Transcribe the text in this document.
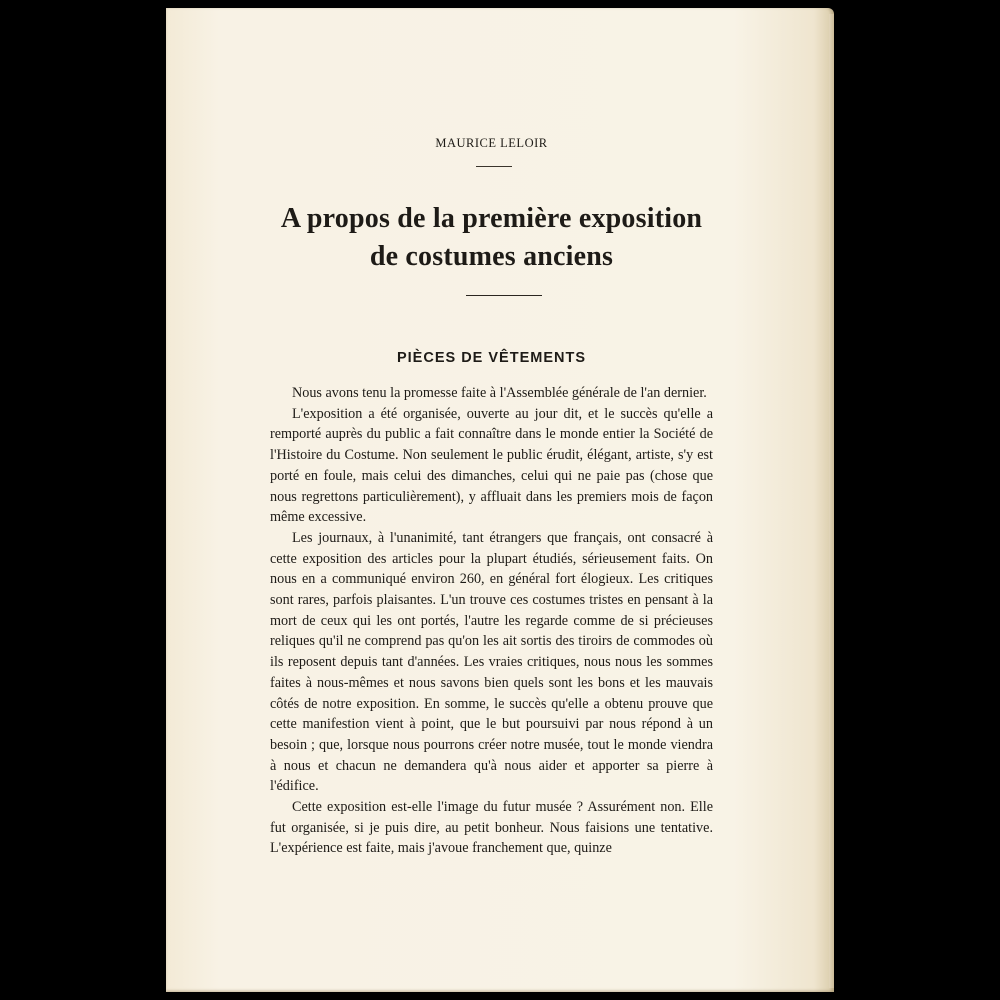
MAURICE LELOIR
A propos de la première exposition
de costumes anciens
PIÈCES DE VÊTEMENTS

Nous avons tenu la promesse faite à l'Assemblée générale de l'an dernier.

L'exposition a été organisée, ouverte au jour dit, et le succès qu'elle a remporté auprès du public a fait connaître dans le monde entier la Société de l'Histoire du Costume. Non seulement le public érudit, élégant, artiste, s'y est porté en foule, mais celui des dimanches, celui qui ne paie pas (chose que nous regrettons particulièrement), y affluait dans les premiers mois de façon même excessive.

Les journaux, à l'unanimité, tant étrangers que français, ont consacré à cette exposition des articles pour la plupart étudiés, sérieusement faits. On nous en a communiqué environ 260, en général fort élogieux. Les critiques sont rares, parfois plaisantes. L'un trouve ces costumes tristes en pensant à la mort de ceux qui les ont portés, l'autre les regarde comme de si précieuses reliques qu'il ne comprend pas qu'on les ait sortis des tiroirs de commodes où ils reposent depuis tant d'années. Les vraies critiques, nous nous les sommes faites à nous-mêmes et nous savons bien quels sont les bons et les mauvais côtés de notre exposition. En somme, le succès qu'elle a obtenu prouve que cette manifestion vient à point, que le but poursuivi par nous répond à un besoin ; que, lorsque nous pourrons créer notre musée, tout le monde viendra à nous et chacun ne demandera qu'à nous aider et apporter sa pierre à l'édifice.

Cette exposition est-elle l'image du futur musée ? Assurément non. Elle fut organisée, si je puis dire, au petit bonheur. Nous faisions une tentative. L'expérience est faite, mais j'avoue franchement que, quinze
